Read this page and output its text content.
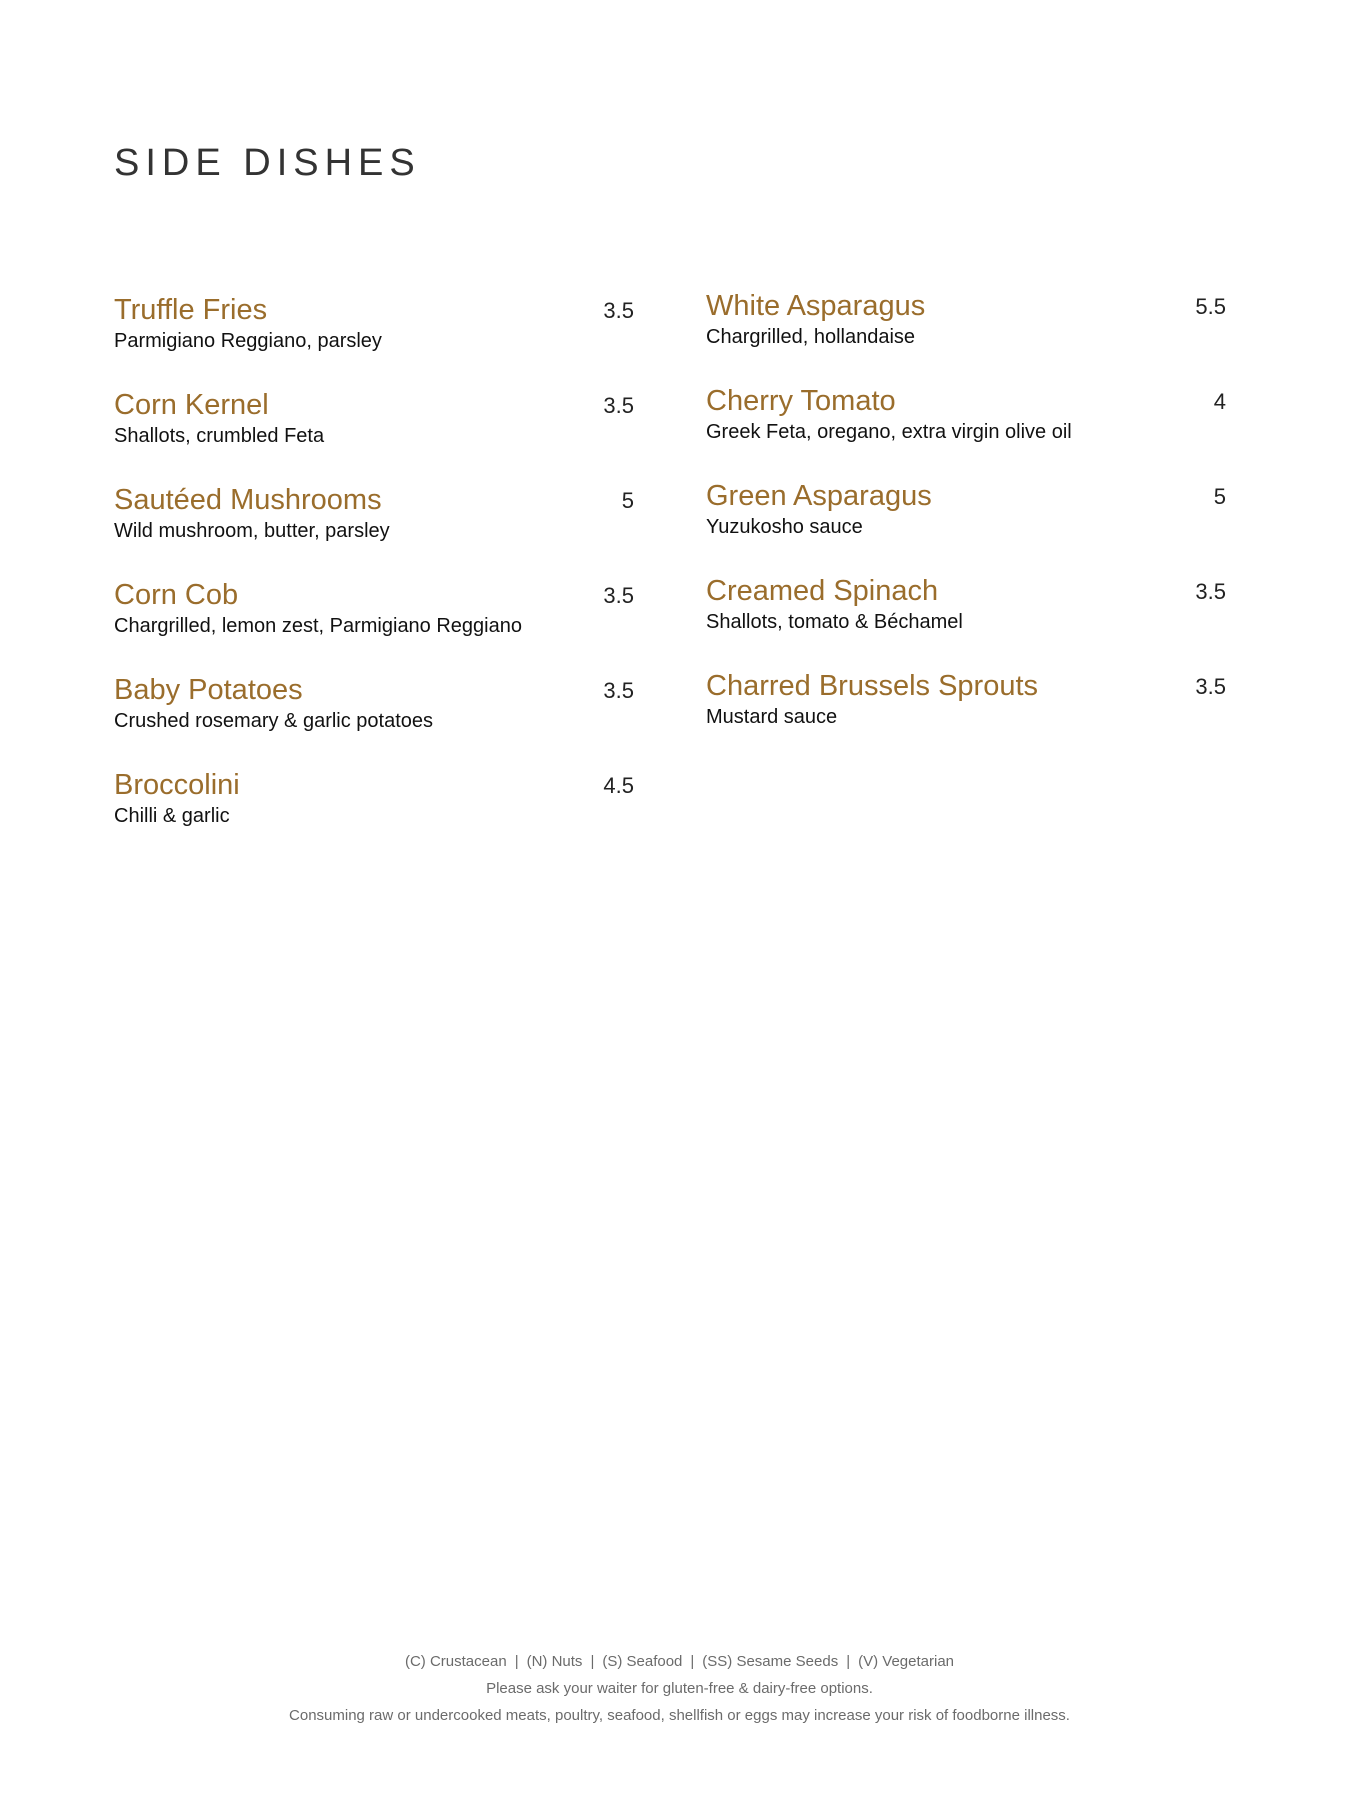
SIDE DISHES
Truffle Fries
Parmigiano Reggiano, parsley
3.5
Corn Kernel
Shallots, crumbled Feta
3.5
Sautéed Mushrooms
Wild mushroom, butter, parsley
5
Corn Cob
Chargrilled, lemon zest, Parmigiano Reggiano
3.5
Baby Potatoes
Crushed rosemary & garlic potatoes
3.5
Broccolini
Chilli & garlic
4.5
White Asparagus
Chargrilled, hollandaise
5.5
Cherry Tomato
Greek Feta, oregano, extra virgin olive oil
4
Green Asparagus
Yuzukosho sauce
5
Creamed Spinach
Shallots, tomato & Béchamel
3.5
Charred Brussels Sprouts
Mustard sauce
3.5
(C) Crustacean | (N) Nuts | (S) Seafood | (SS) Sesame Seeds | (V) Vegetarian
Please ask your waiter for gluten-free & dairy-free options.
Consuming raw or undercooked meats, poultry, seafood, shellfish or eggs may increase your risk of foodborne illness.
